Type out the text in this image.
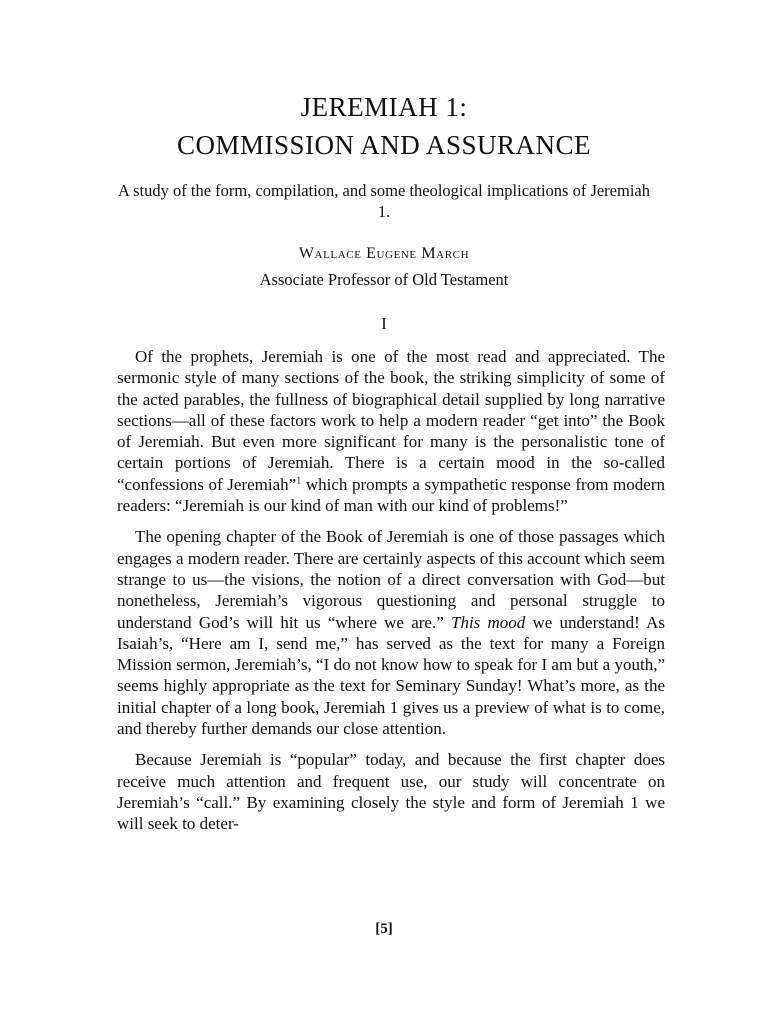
JEREMIAH 1:
COMMISSION AND ASSURANCE
A study of the form, compilation, and some theological implications of Jeremiah 1.
Wallace Eugene March
Associate Professor of Old Testament
I

Of the prophets, Jeremiah is one of the most read and appreciated. The sermonic style of many sections of the book, the striking simplicity of some of the acted parables, the fullness of biographical detail supplied by long narrative sections—all of these factors work to help a modern reader “get into” the Book of Jeremiah. But even more significant for many is the personalistic tone of certain portions of Jeremiah. There is a certain mood in the so-called “confessions of Jeremiah”$^1$ which prompts a sympathetic response from modern readers: “Jeremiah is our kind of man with our kind of problems!”

The opening chapter of the Book of Jeremiah is one of those passages which engages a modern reader. There are certainly aspects of this account which seem strange to us—the visions, the notion of a direct conversation with God—but nonetheless, Jeremiah’s vigorous questioning and personal struggle to understand God’s will hit us “where we are.” This mood we understand! As Isaiah’s, “Here am I, send me,” has served as the text for many a Foreign Mission sermon, Jeremiah’s, “I do not know how to speak for I am but a youth,” seems highly appropriate as the text for Seminary Sunday! What’s more, as the initial chapter of a long book, Jeremiah 1 gives us a preview of what is to come, and thereby further demands our close attention.

Because Jeremiah is “popular” today, and because the first chapter does receive much attention and frequent use, our study will concentrate on Jeremiah’s “call.” By examining closely the style and form of Jeremiah 1 we will seek to deter-

[5]
